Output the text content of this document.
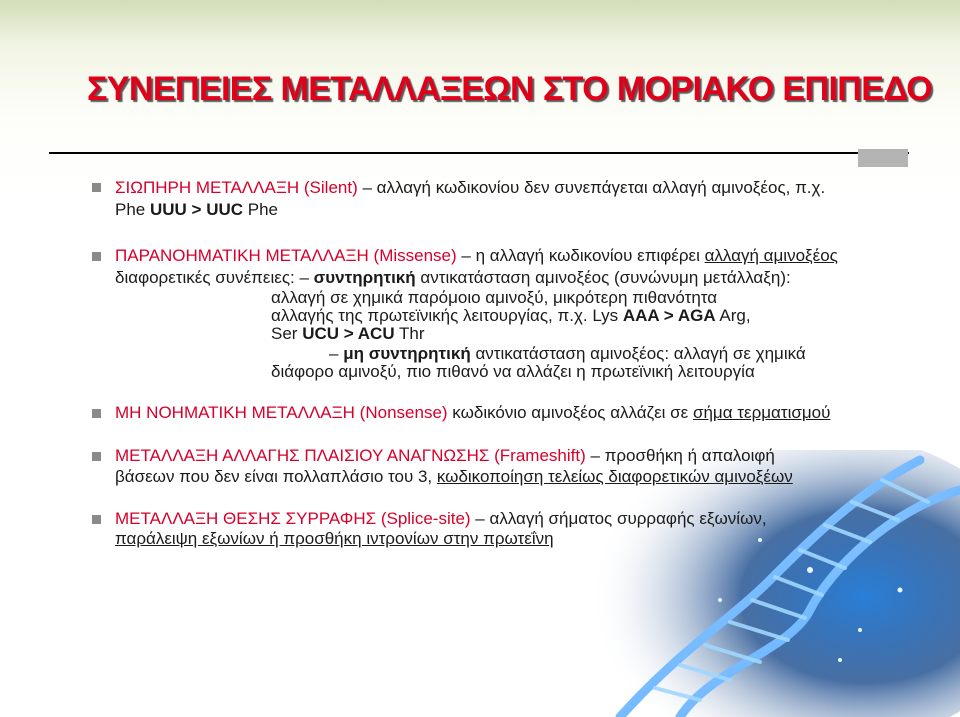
ΣΥΝΕΠΕΙΕΣ ΜΕΤΑΛΛΑΞΕΩΝ ΣΤΟ ΜΟΡΙΑΚΟ ΕΠΙΠΕΔΟ
ΣΙΩΠΗΡΗ ΜΕΤΑΛΛΑΞΗ (Silent) – αλλαγή κωδικονίου δεν συνεπάγεται αλλαγή αμινοξέος, π.χ.
Phe UUU > UUC Phe
ΠΑΡΑΝΟΗΜΑΤΙΚΗ ΜΕΤΑΛΛΑΞΗ (Missense) – η αλλαγή κωδικονίου επιφέρει αλλαγή αμινοξέος
διαφορετικές συνέπειες: – συντηρητική αντικατάσταση αμινοξέος (συνώνυμη μετάλλαξη):
αλλαγή σε χημικά παρόμοιο αμινοξύ, μικρότερη πιθανότητα
αλλαγής της πρωτεϊνικής λειτουργίας, π.χ. Lys AAA > AGA Arg,
Ser UCU > ACU Thr
– μη συντηρητική αντικατάσταση αμινοξέος: αλλαγή σε χημικά
διάφορο αμινοξύ, πιο πιθανό να αλλάζει η πρωτεϊνική λειτουργία
ΜΗ ΝΟΗΜΑΤΙΚΗ ΜΕΤΑΛΛΑΞΗ (Nonsense) κωδικόνιο αμινοξέος αλλάζει σε σήμα τερματισμού
ΜΕΤΑΛΛΑΞΗ ΑΛΛΑΓΗΣ ΠΛΑΙΣΙΟΥ ΑΝΑΓΝΩΣΗΣ (Frameshift) – προσθήκη ή απαλοιφή
βάσεων που δεν είναι πολλαπλάσιο του 3, κωδικοποίηση τελείως διαφορετικών αμινοξέων
ΜΕΤΑΛΛΑΞΗ ΘΕΣΗΣ ΣΥΡΡΑΦΗΣ (Splice-site) – αλλαγή σήματος συρραφής εξωνίων,
παράλειψη εξωνίων ή προσθήκη ιντρονίων στην πρωτεΐνη
